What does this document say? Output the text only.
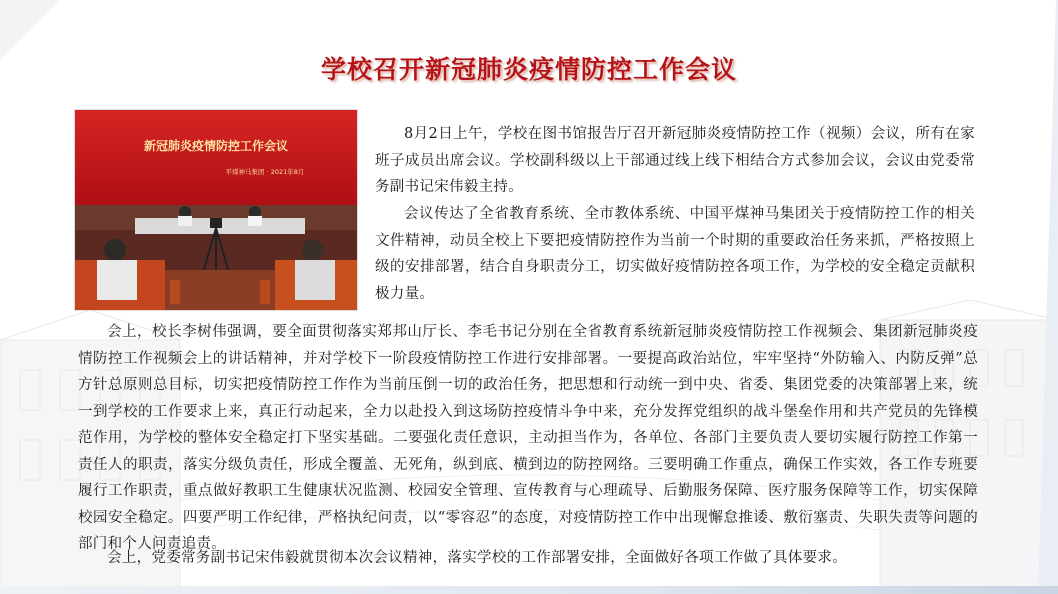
学校召开新冠肺炎疫情防控工作会议
新冠肺炎疫情防控工作会议
平煤神马集团 · 2021年8月

8月2日上午，学校在图书馆报告厅召开新冠肺炎疫情防控工作（视频）会议，所有在家班子成员出席会议。学校副科级以上干部通过线上线下相结合方式参加会议，会议由党委常务副书记宋伟毅主持。

会议传达了全省教育系统、全市教体系统、中国平煤神马集团关于疫情防控工作的相关文件精神，动员全校上下要把疫情防控作为当前一个时期的重要政治任务来抓，严格按照上级的安排部署，结合自身职责分工，切实做好疫情防控各项工作，为学校的安全稳定贡献积极力量。

会上，校长李树伟强调，要全面贯彻落实郑邦山厅长、李毛书记分别在全省教育系统新冠肺炎疫情防控工作视频会、集团新冠肺炎疫情防控工作视频会上的讲话精神，并对学校下一阶段疫情防控工作进行安排部署。一要提高政治站位，牢牢坚持“外防输入、内防反弹”总方针总原则总目标，切实把疫情防控工作作为当前压倒一切的政治任务，把思想和行动统一到中央、省委、集团党委的决策部署上来，统一到学校的工作要求上来，真正行动起来，全力以赴投入到这场防控疫情斗争中来，充分发挥党组织的战斗堡垒作用和共产党员的先锋模范作用，为学校的整体安全稳定打下坚实基础。二要强化责任意识，主动担当作为，各单位、各部门主要负责人要切实履行防控工作第一责任人的职责，落实分级负责任，形成全覆盖、无死角，纵到底、横到边的防控网络。三要明确工作重点，确保工作实效，各工作专班要履行工作职责，重点做好教职工生健康状况监测、校园安全管理、宣传教育与心理疏导、后勤服务保障、医疗服务保障等工作，切实保障校园安全稳定。四要严明工作纪律，严格执纪问责，以“零容忍”的态度，对疫情防控工作中出现懈怠推诿、敷衍塞责、失职失责等问题的部门和个人问责追责。

会上，党委常务副书记宋伟毅就贯彻本次会议精神，落实学校的工作部署安排，全面做好各项工作做了具体要求。
